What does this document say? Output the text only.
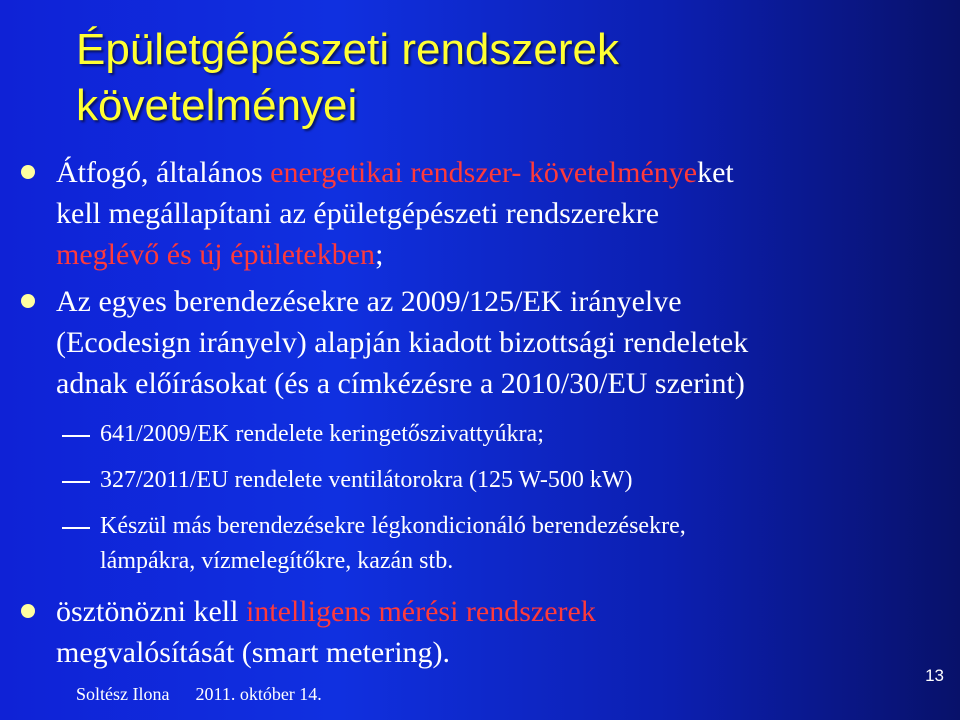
Épületgépészeti rendszerek
követelményei
Átfogó, általános energetikai rendszer- követelményeket
kell megállapítani az épületgépészeti rendszerekre
meglévő és új épületekben;
Az egyes berendezésekre az 2009/125/EK irányelve
(Ecodesign irányelv) alapján kiadott bizottsági rendeletek
adnak előírásokat (és a címkézésre a 2010/30/EU szerint)
641/2009/EK rendelete keringetőszivattyúkra;
327/2011/EU rendelete ventilátorokra (125 W-500 kW)
Készül más berendezésekre légkondicionáló berendezésekre,
lámpákra, vízmelegítőkre, kazán stb.
ösztönözni kell intelligens mérési rendszerek
megvalósítását (smart metering).
Soltész Ilona 2011. október 14.
13
